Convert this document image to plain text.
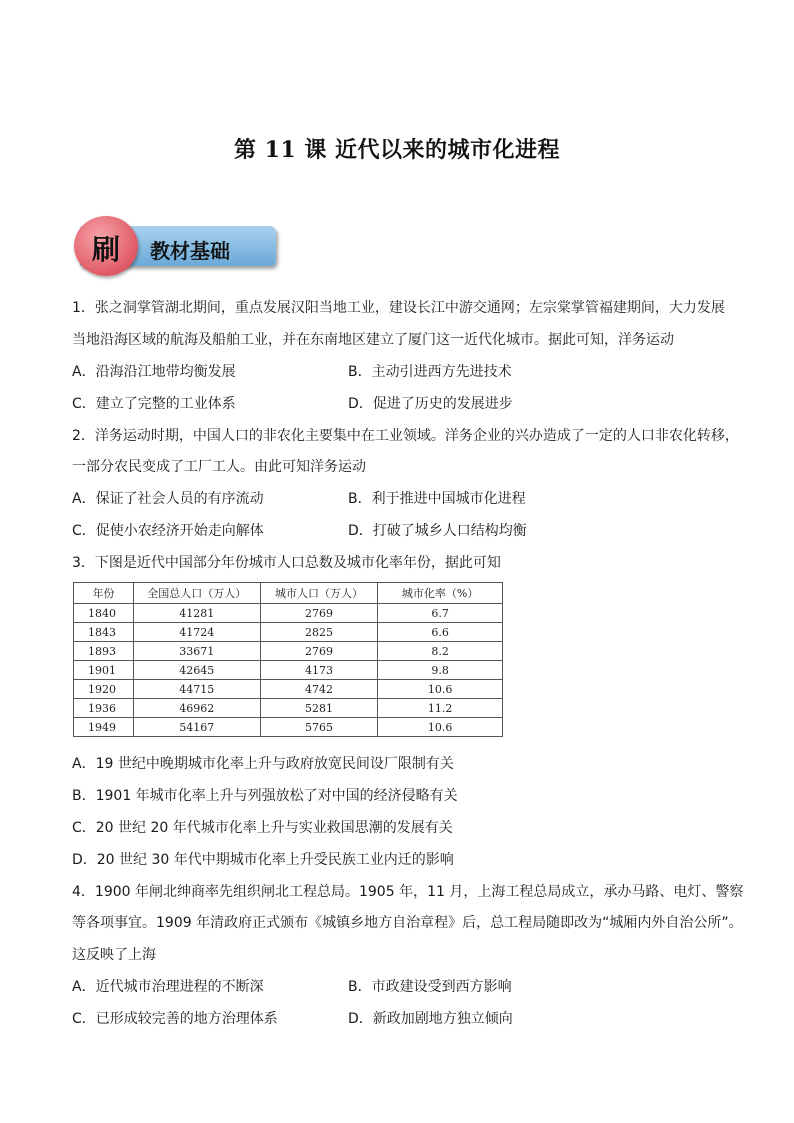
第 11 课 近代以来的城市化进程
刷	教材基础
1．张之洞掌管湖北期间，重点发展汉阳当地工业，建设长江中游交通网；左宗棠掌管福建期间，大力发展
当地沿海区域的航海及船舶工业，并在东南地区建立了厦门这一近代化城市。据此可知，洋务运动
A．沿海沿江地带均衡发展	B．主动引进西方先进技术
C．建立了完整的工业体系	D．促进了历史的发展进步
2．洋务运动时期，中国人口的非农化主要集中在工业领域。洋务企业的兴办造成了一定的人口非农化转移，
一部分农民变成了工厂工人。由此可知洋务运动
A．保证了社会人员的有序流动	B．利于推进中国城市化进程
C．促使小农经济开始走向解体	D．打破了城乡人口结构均衡
3．下图是近代中国部分年份城市人口总数及城市化率年份，据此可知
年份	全国总人口（万人）	城市人口（万人）	城市化率（%）
1840	41281	2769	6.7
1843	41724	2825	6.6
1893	33671	2769	8.2
1901	42645	4173	9.8
1920	44715	4742	10.6
1936	46962	5281	11.2
1949	54167	5765	10.6
A．19 世纪中晚期城市化率上升与政府放宽民间设厂限制有关
B．1901 年城市化率上升与列强放松了对中国的经济侵略有关
C．20 世纪 20 年代城市化率上升与实业救国思潮的发展有关
D．20 世纪 30 年代中期城市化率上升受民族工业内迁的影响
4．1900 年闸北绅商率先组织闸北工程总局。1905 年，11 月，上海工程总局成立，承办马路、电灯、警察
等各项事宜。1909 年清政府正式颁布《城镇乡地方自治章程》后，总工程局随即改为“城厢内外自治公所”。
这反映了上海
A．近代城市治理进程的不断深	B．市政建设受到西方影响
C．已形成较完善的地方治理体系	D．新政加剧地方独立倾向
